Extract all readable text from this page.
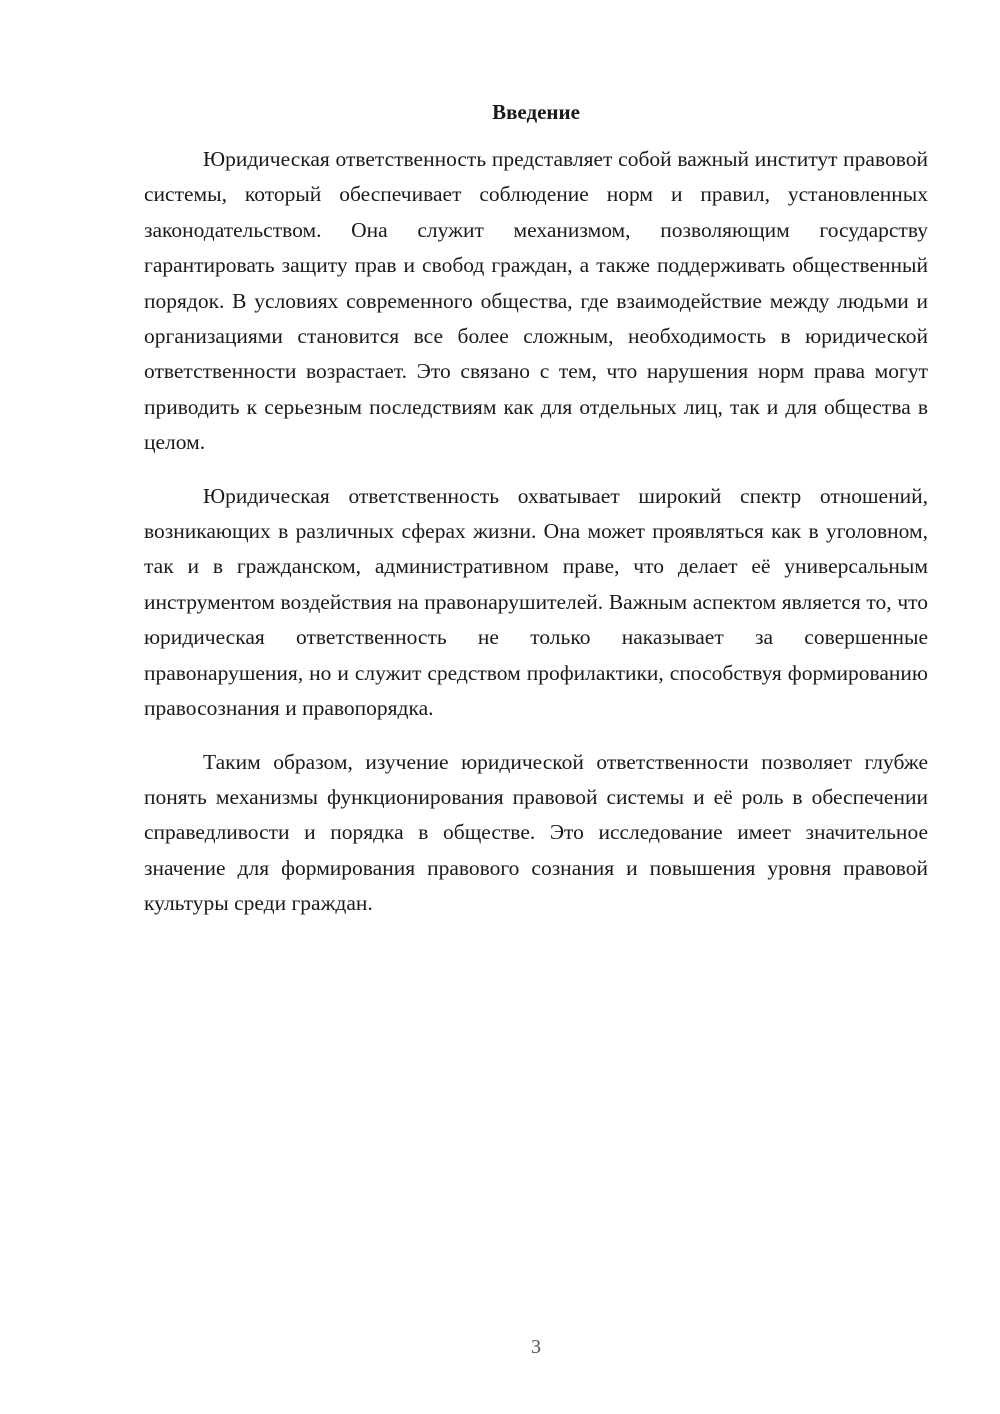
Введение

Юридическая ответственность представляет собой важный институт правовой системы, который обеспечивает соблюдение норм и правил, установленных законодательством. Она служит механизмом, позволяющим государству гарантировать защиту прав и свобод граждан, а также поддерживать общественный порядок. В условиях современного общества, где взаимодействие между людьми и организациями становится все более сложным, необходимость в юридической ответственности возрастает. Это связано с тем, что нарушения норм права могут приводить к серьезным последствиям как для отдельных лиц, так и для общества в целом.

Юридическая ответственность охватывает широкий спектр отношений, возникающих в различных сферах жизни. Она может проявляться как в уголовном, так и в гражданском, административном праве, что делает её универсальным инструментом воздействия на правонарушителей. Важным аспектом является то, что юридическая ответственность не только наказывает за совершенные правонарушения, но и служит средством профилактики, способствуя формированию правосознания и правопорядка.

Таким образом, изучение юридической ответственности позволяет глубже понять механизмы функционирования правовой системы и её роль в обеспечении справедливости и порядка в обществе. Это исследование имеет значительное значение для формирования правового сознания и повышения уровня правовой культуры среди граждан.

3
